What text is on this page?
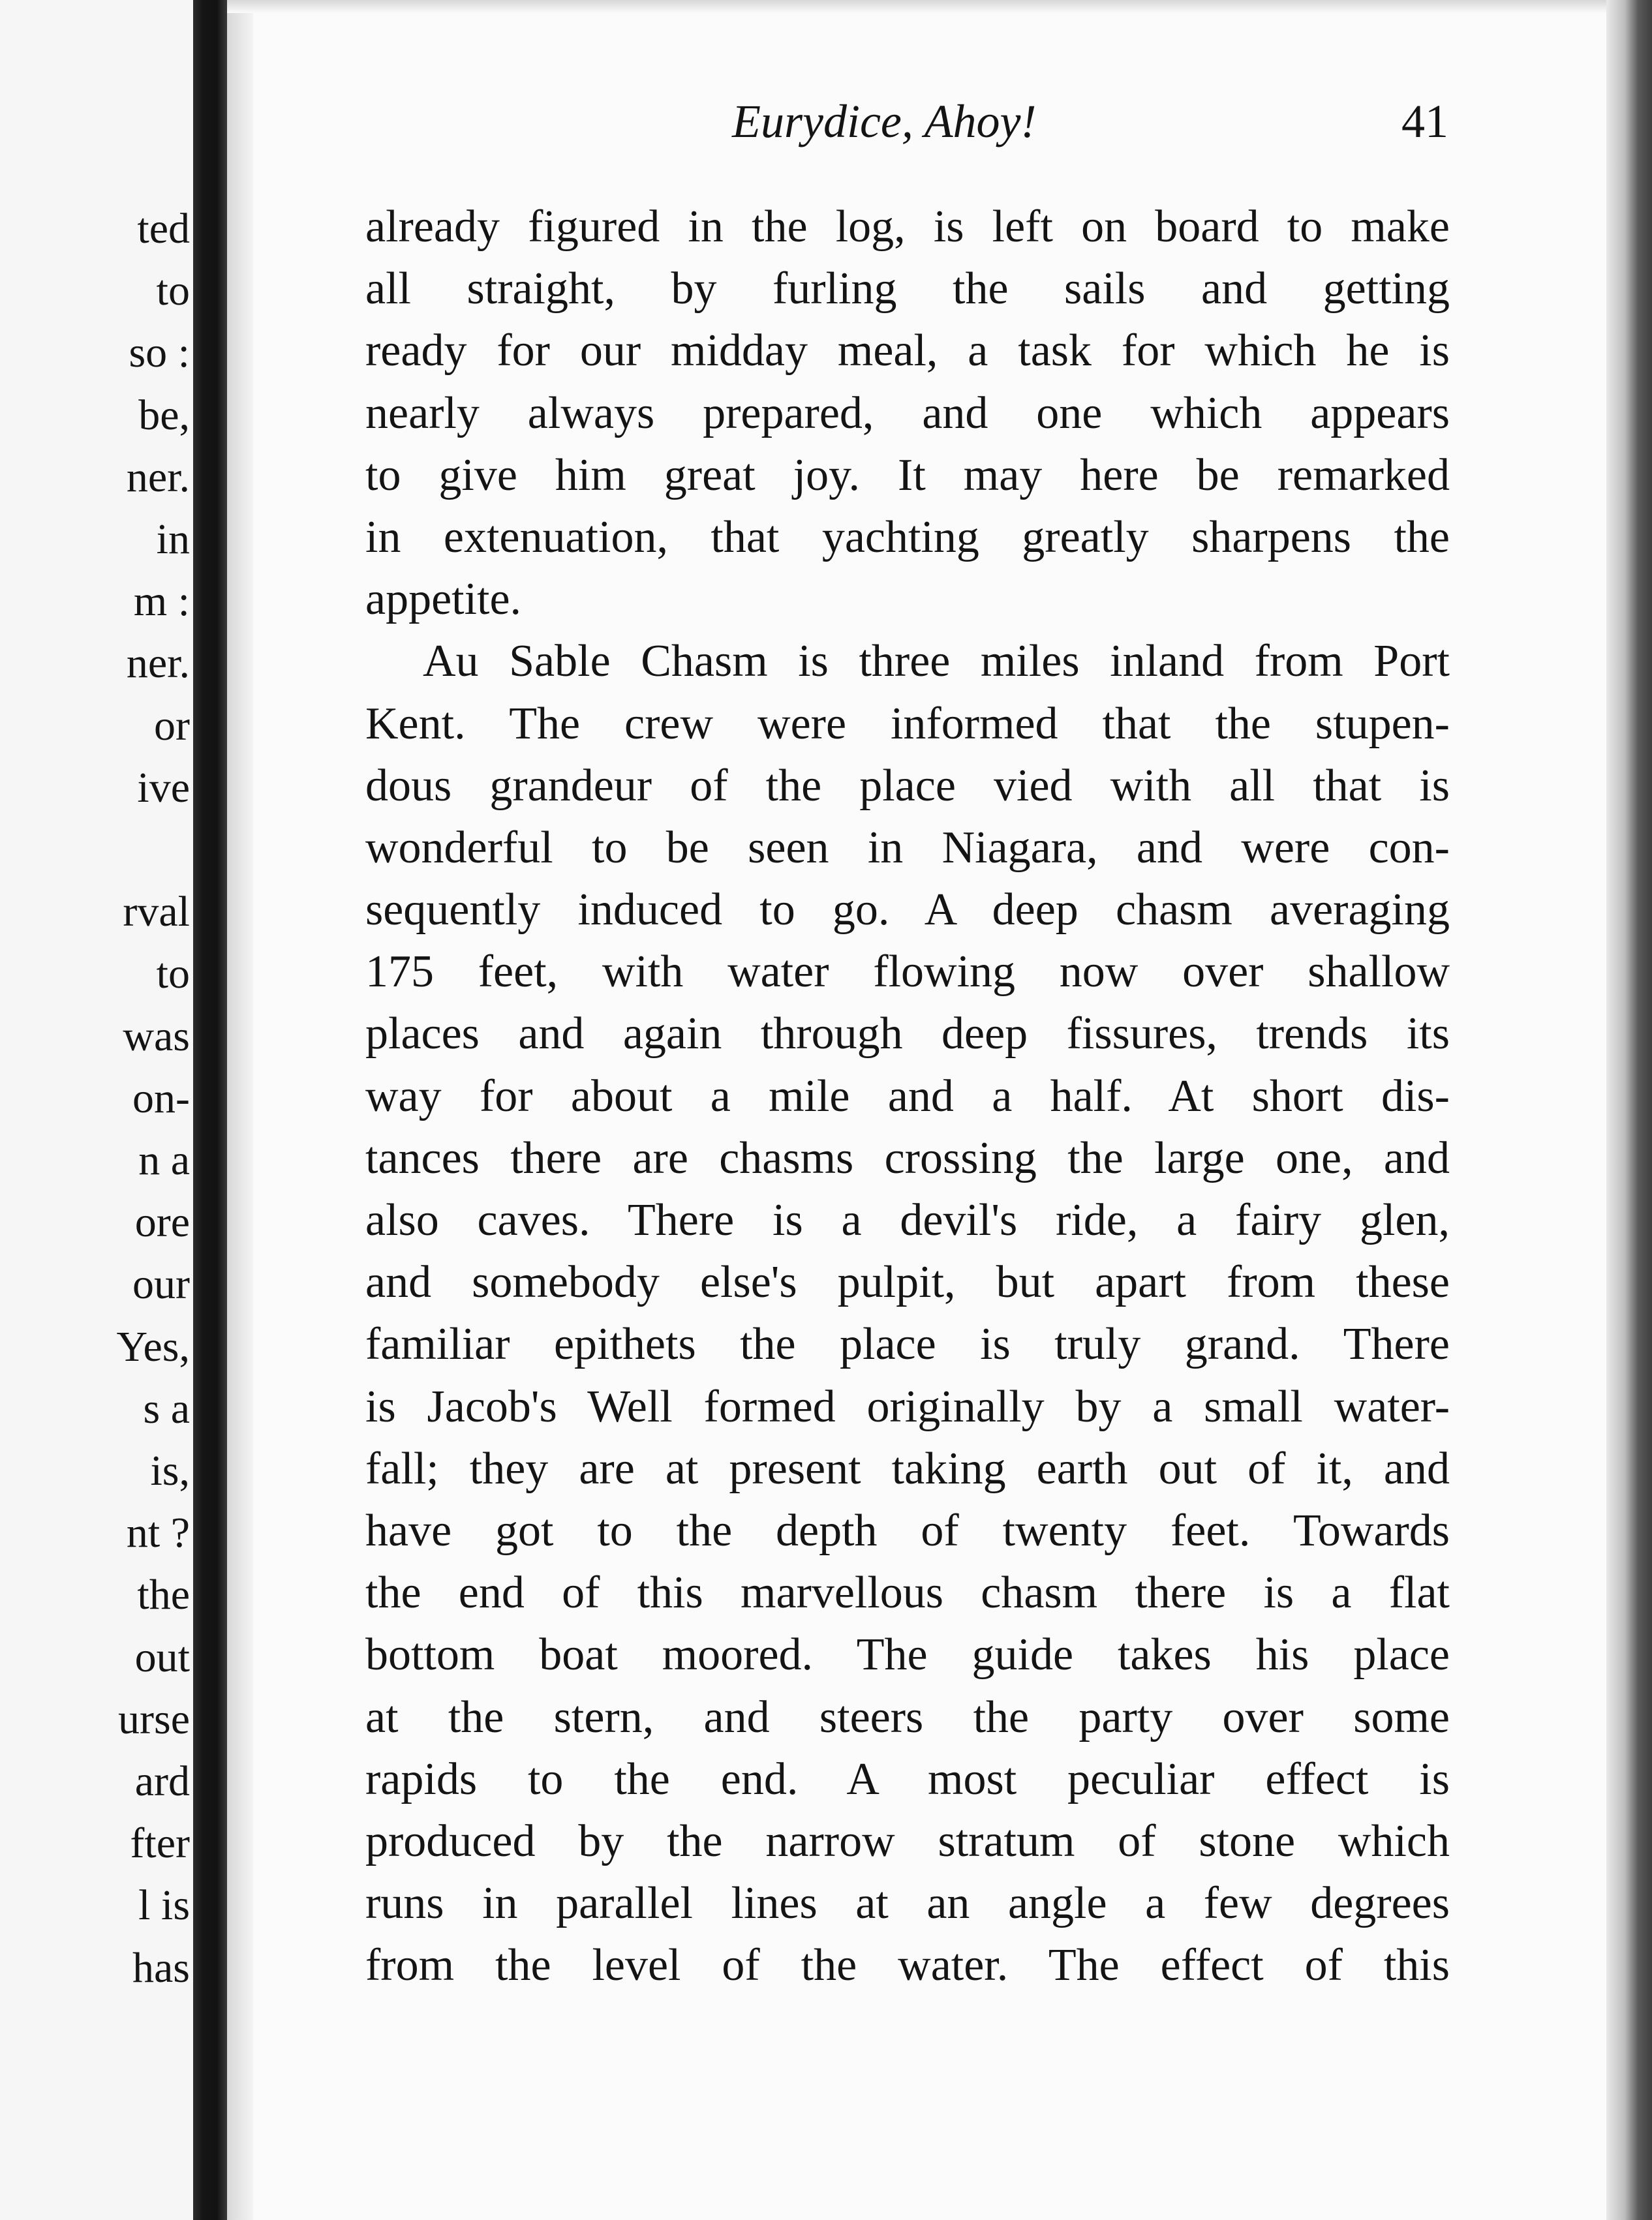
ted
to
so :
be,
ner.
in
m :
ner.
or
ive
rval
to
was
on-
n a
ore
our
Yes,
s a
is,
nt ?
the
out
urse
ard
fter
l is
has
Eurydice, Ahoy!	41
already figured in the log, is left on board to make
all straight, by furling the sails and getting
ready for our midday meal, a task for which he is
nearly always prepared, and one which appears
to give him great joy. It may here be remarked
in extenuation, that yachting greatly sharpens the
appetite.
Au Sable Chasm is three miles inland from Port
Kent. The crew were informed that the stupen-
dous grandeur of the place vied with all that is
wonderful to be seen in Niagara, and were con-
sequently induced to go. A deep chasm averaging
175 feet, with water flowing now over shallow
places and again through deep fissures, trends its
way for about a mile and a half. At short dis-
tances there are chasms crossing the large one, and
also caves. There is a devil's ride, a fairy glen,
and somebody else's pulpit, but apart from these
familiar epithets the place is truly grand. There
is Jacob's Well formed originally by a small water-
fall; they are at present taking earth out of it, and
have got to the depth of twenty feet. Towards
the end of this marvellous chasm there is a flat
bottom boat moored. The guide takes his place
at the stern, and steers the party over some
rapids to the end. A most peculiar effect is
produced by the narrow stratum of stone which
runs in parallel lines at an angle a few degrees
from the level of the water. The effect of this
